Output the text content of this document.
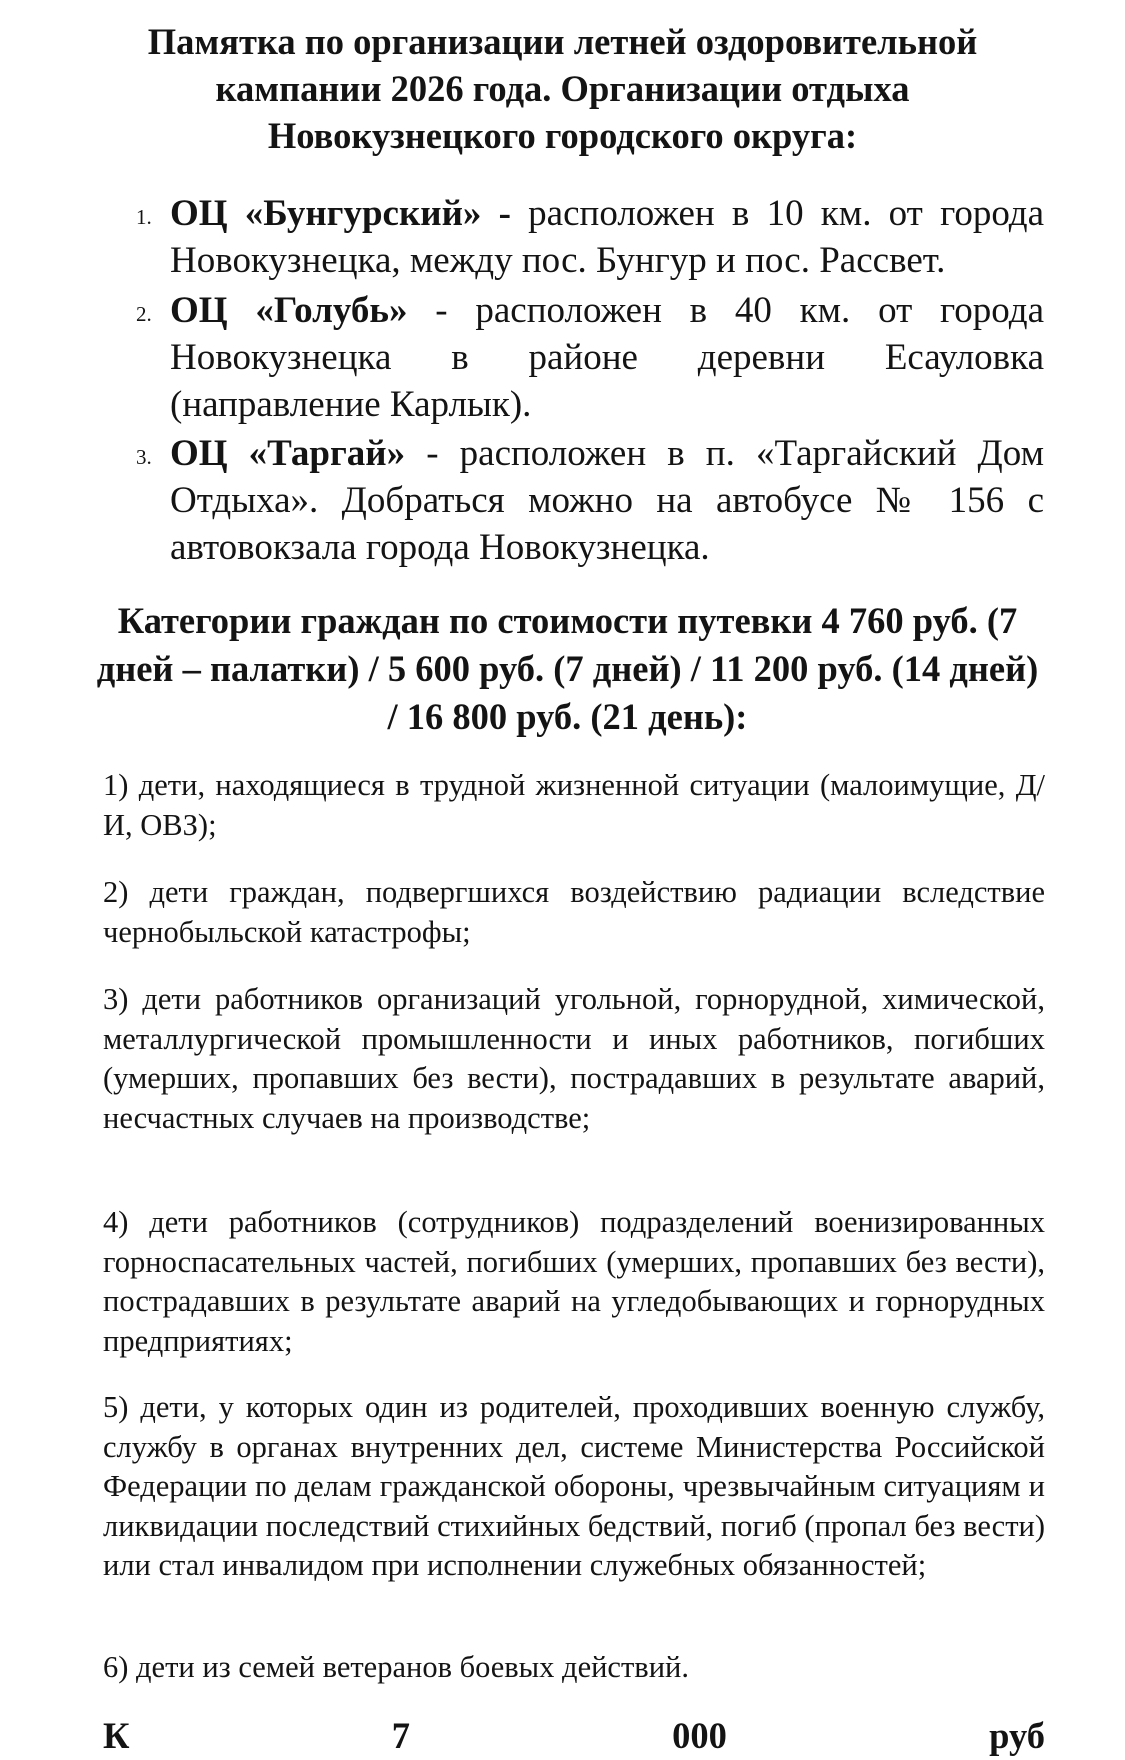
Памятка по организации летней оздоровительной кампании 2026 года. Организации отдыха Новокузнецкого городского округа:
1. ОЦ «Бунгурский» - расположен в 10 км. от города Новокузнецка, между пос. Бунгур и пос. Рассвет.
2. ОЦ «Голубь» - расположен в 40 км. от города Новокузнецка в районе деревни Есауловка (направление Карлык).
3. ОЦ «Таргай» - расположен в п. «Таргайский Дом Отдыха». Добраться можно на автобусе № 156 с автовокзала города Новокузнецка.
Категории граждан по стоимости путевки 4 760 руб. (7 дней – палатки) / 5 600 руб. (7 дней) / 11 200 руб. (14 дней) / 16 800 руб. (21 день):

1) дети, находящиеся в трудной жизненной ситуации (малоимущие, Д/И, ОВЗ);

2) дети граждан, подвергшихся воздействию радиации вследствие чернобыльской катастрофы;

3) дети работников организаций угольной, горнорудной, химической, металлургической промышленности и иных работников, погибших (умерших, пропавших без вести), пострадавших в результате аварий, несчастных случаев на производстве;

4) дети работников (сотрудников) подразделений военизированных горноспасательных частей, погибших (умерших, пропавших без вести), пострадавших в результате аварий на угледобывающих и горнорудных предприятиях;

5) дети, у которых один из родителей, проходивших военную службу, службу в органах внутренних дел, системе Министерства Российской Федерации по делам гражданской обороны, чрезвычайным ситуациям и ликвидации последствий стихийных бедствий, погиб (пропал без вести) или стал инвалидом при исполнении служебных обязанностей;

6) дети из семей ветеранов боевых действий.

К 7 000 руб
